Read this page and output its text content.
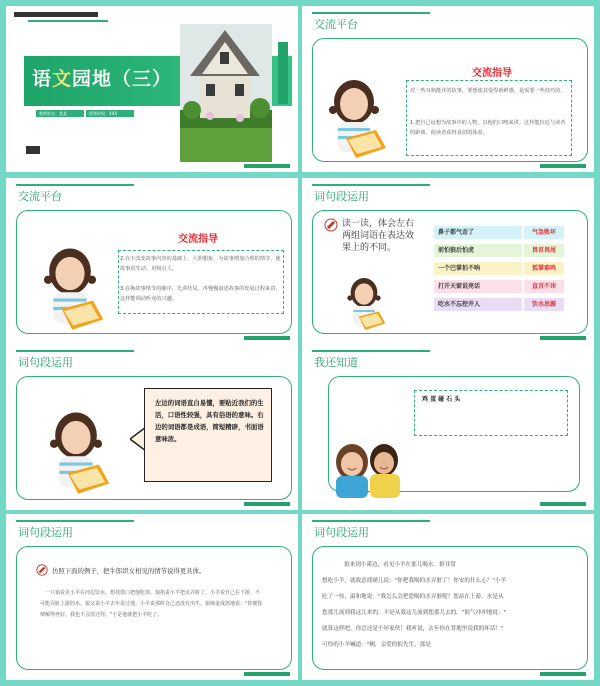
语文园地（三）
教师姓名：某某	授课时间：XXX
交流平台
交流指导
对一些耳熟能详的故事，要想使其变得新鲜感，是需要一些技巧的。
1.把自己设想为故事中的人物，以他的口吻来讲。这样能拉近与读者的距离，使读者获得真切的体验。
交流平台
交流指导
2.在不改变故事内容的基础上，大胆想象，为故事增加合理的情节，使故事更生动、更吸引人。
3.在换故事情节的顺序，先讲结局，再慢慢叙述故事的发展过程来讲，这样能调动听众的兴趣。
词句段运用
读一读，体会左右两组词语在表达效果上的不同。
鼻子都气歪了	气急败坏
前怕狼后怕虎	畏首畏尾
一个巴掌拍不响	孤掌难鸣
打开天窗说亮话	直言不讳
吃水不忘挖井人	饮水思源
词句段运用
左边的词语直白易懂，要贴近我们的生活，口语性较强，具有俗语的意味。右边的词语都是成语，简短精辟，书面语意味浓。
我还知道
鸡 蛋 碰 石 头
词句段运用
仿照下面的例子，把牛郎织女相见的情节说得更具体。
一只狼看见小羊在河边饮水，想找借口把他吃掉。狼指责小羊把水弄脏了。小羊说自己在下游，不可能弄脏上游的水。狼又说小羊去年说过他。小羊说那时自己还没有出生。狼恼羞成怒地说："你便你辩解得再好，我也不会放过你。"于是他就把小羊吃了。
词句段运用
狼来到小溪边，看见小羊在那儿喝水。狼非常
想吃小羊，就故意找碴儿说："你把我喝的水弄脏了！你安的什么心？"小羊
吃了一惊，温和地说："我怎么会把您喝的水弄脏呢？您站在上游，水是从
您那儿流到我这儿来的，不是从我这儿流到您那儿去的。"狼气冲冲地说："
就算这样吧，你总还是个坏家伙！我听说，去年你在背地里说我的坏话！"
可怜的小羊喊道："啊，亲爱的狼先生，那是
